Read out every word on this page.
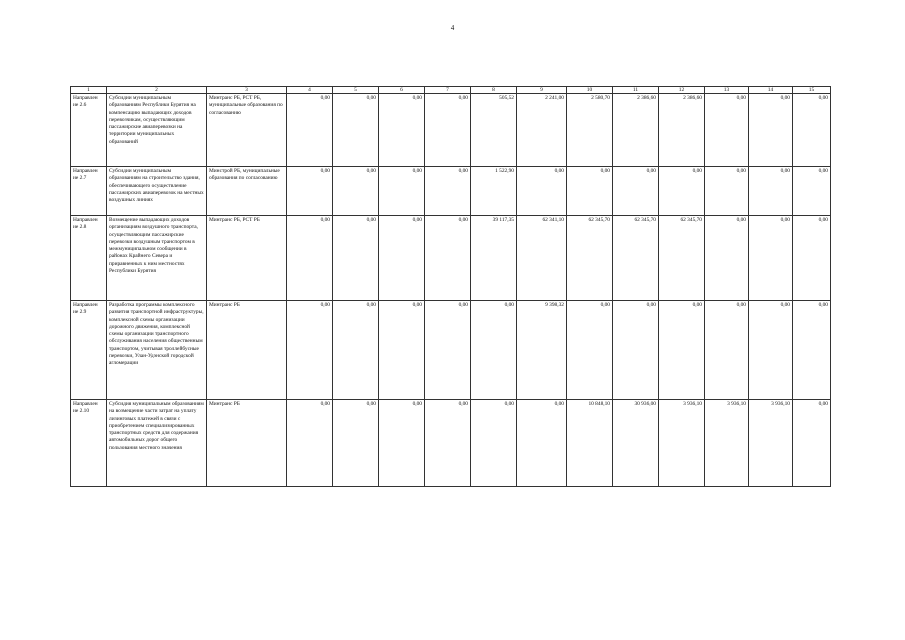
4
1	2	3	4	5	6	7	8	9	10	11	12	13	14	15
Направлен ие 2.6	Субсидии муниципальным образованиям Республики Бурятия на компенсацию выпадающих доходов перевозчикам, осуществляющим пассажирские авиаперевозки на территории муниципальных образований	Минтранс РБ, РСТ РБ, муниципальные образования по согласованию	0,00	0,00	0,00	0,00	505,52	2 241,00	2 580,70	2 386,60	2 386,60	0,00	0,00	0,00
Направлен ие 2.7	Субсидии муниципальным образованиям на строительство здания, обеспечивающего осуществление пассажирских авиаперевозок на местных воздушных линиях	Минстрой РБ, муниципальные образования по согласованию	0,00	0,00	0,00	0,00	1 522,90	0,00	0,00	0,00	0,00	0,00	0,00	0,00
Направлен ие 2.8	Возмещение выпадающих доходов организациям воздушного транспорта, осуществляющим пассажирские перевозки воздушным транспортом в межмуниципальном сообщении в районах Крайнего Севера и приравненных к ним местностях Республики Бурятия	Минтранс РБ, РСТ РБ	0,00	0,00	0,00	0,00	39 117,35	62 341,10	62 345,70	62 345,70	62 345,70	0,00	0,00	0,00
Направлен ие 2.9	Разработка программы комплексного развития транспортной инфраструктуры, комплексной схемы организации дорожного движения, комплексной схемы организации транспортного обслуживания населения общественным транспортом, учитывая троллейбусные перевозки, Улан-Удэнской городской агломерации	Минтранс РБ	0,00	0,00	0,00	0,00	0,00	9 398,32	0,00	0,00	0,00	0,00	0,00	0,00
Направлен ие 2.10	Субсидия муниципальным образованиям на возмещение части затрат на уплату лизинговых платежей в связи с приобретением специализированных транспортных средств для содержания автомобильных дорог общего пользования местного значения	Минтранс РБ	0,00	0,00	0,00	0,00	0,00	0,00	10 848,10	30 936,00	3 936,10	3 936,10	3 936,10	0,00
